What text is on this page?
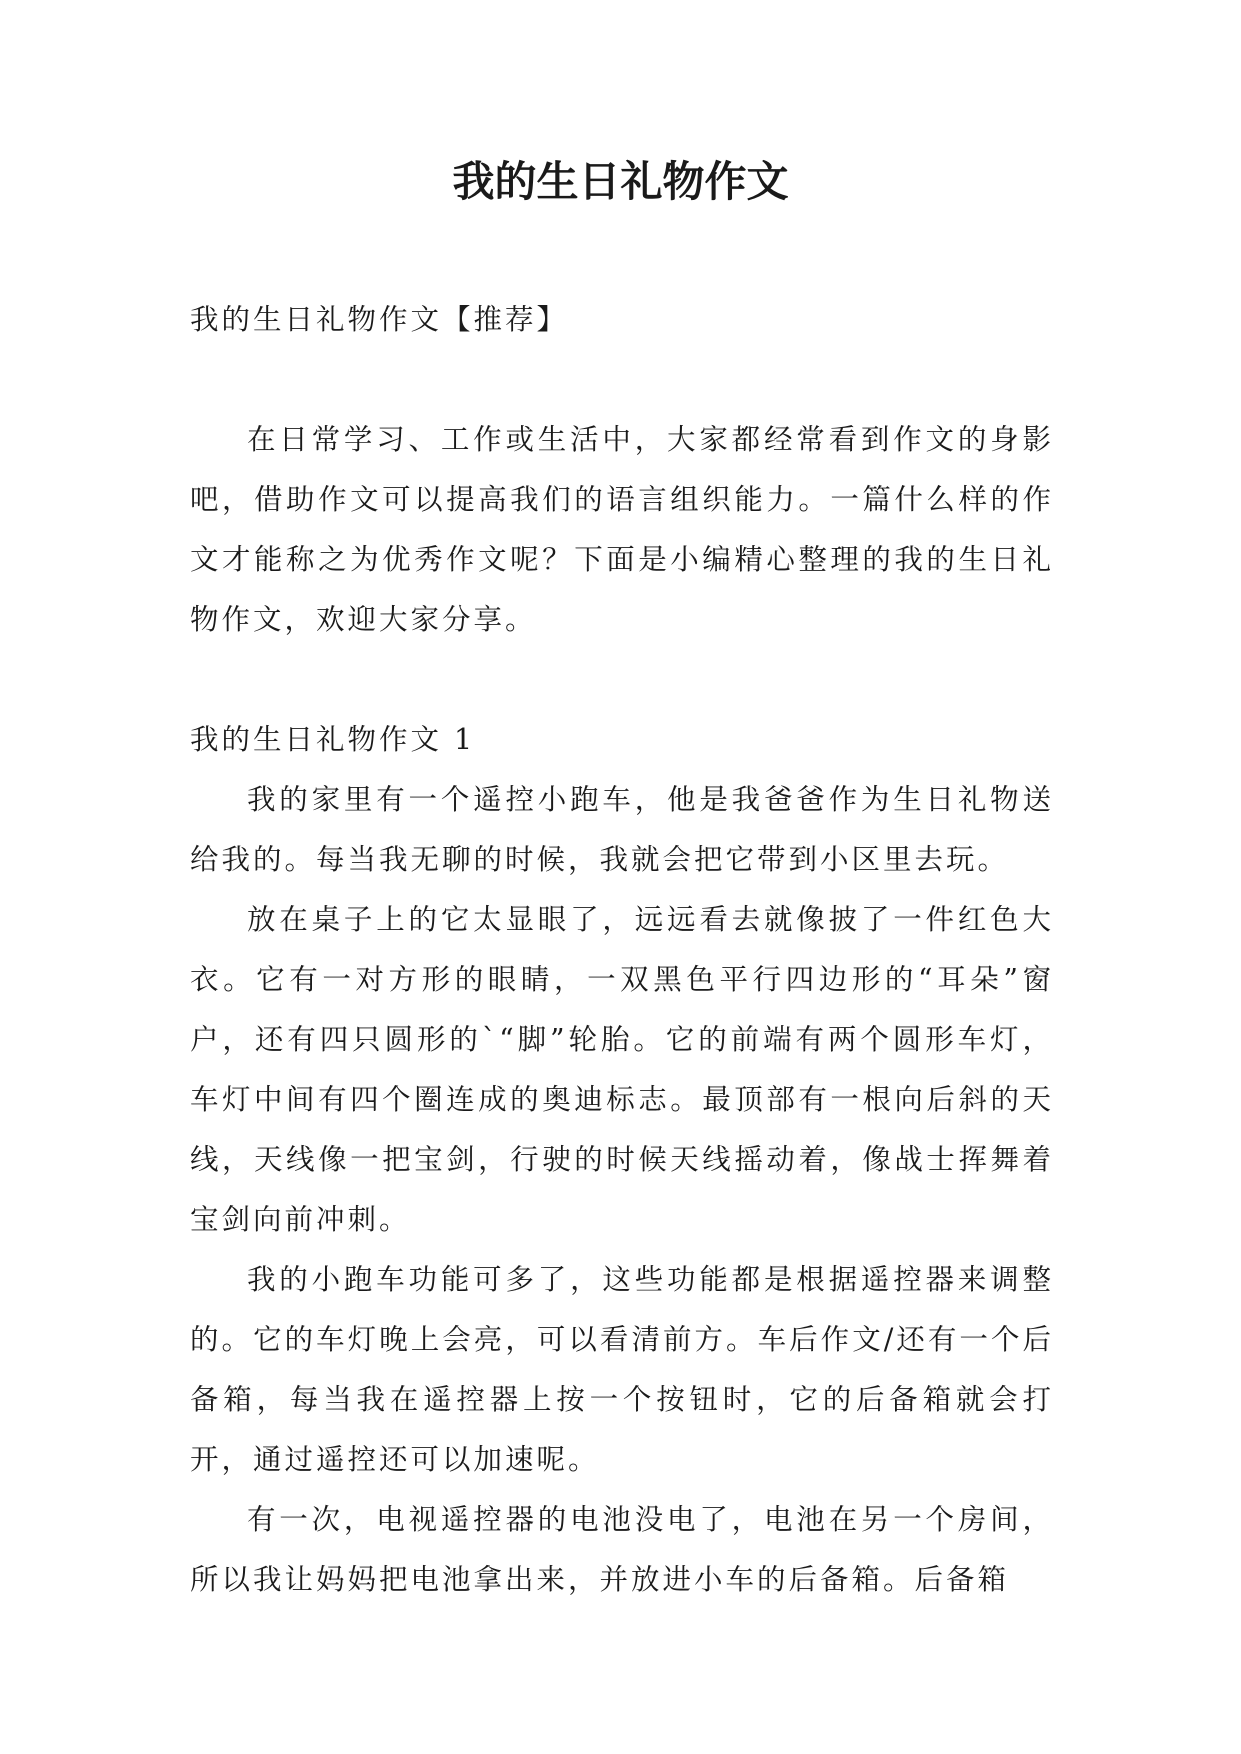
我的生日礼物作文

我的生日礼物作文【推荐】

在日常学习、工作或生活中，大家都经常看到作文的身影吧，借助作文可以提高我们的语言组织能力。一篇什么样的作文才能称之为优秀作文呢？下面是小编精心整理的我的生日礼物作文，欢迎大家分享。

我的生日礼物作文 1

我的家里有一个遥控小跑车，他是我爸爸作为生日礼物送给我的。每当我无聊的时候，我就会把它带到小区里去玩。

放在桌子上的它太显眼了，远远看去就像披了一件红色大衣。它有一对方形的眼睛，一双黑色平行四边形的“耳朵”窗户，还有四只圆形的`“脚”轮胎。它的前端有两个圆形车灯，车灯中间有四个圈连成的奥迪标志。最顶部有一根向后斜的天线，天线像一把宝剑，行驶的时候天线摇动着，像战士挥舞着宝剑向前冲刺。

我的小跑车功能可多了，这些功能都是根据遥控器来调整的。它的车灯晚上会亮，可以看清前方。车后作文/还有一个后备箱，每当我在遥控器上按一个按钮时，它的后备箱就会打开，通过遥控还可以加速呢。

有一次，电视遥控器的电池没电了，电池在另一个房间，所以我让妈妈把电池拿出来，并放进小车的后备箱。后备箱
